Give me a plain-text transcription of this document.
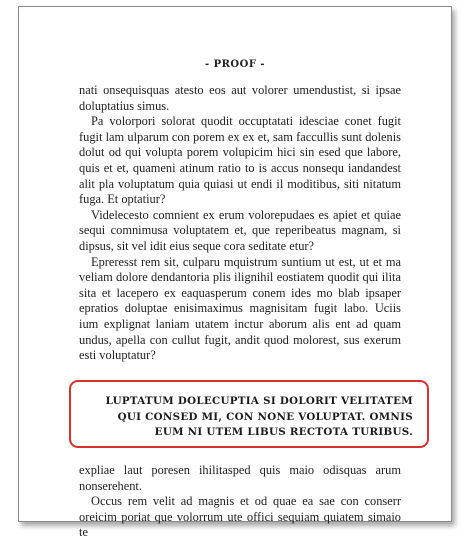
- PROOF -

nati onsequisquas atesto eos aut volorer umendustist, si ipsae doluptatius simus.

Pa volorpori solorat quodit occuptatati idesciae conet fugit fugit lam ulparum con porem ex ex et, sam faccullis sunt dolenis dolut od qui volupta porem volupicim hici sin esed que labore, quis et et, quameni atinum ratio to is accus nonsequ iandandest alit pla voluptatum quia quiasi ut endi il moditibus, siti nitatum fuga. Et optatiur?

Videlecesto comnient ex erum volorepudaes es apiet et quiae sequi comnimusa voluptatem et, que reperibeatus magnam, si dipsus, sit vel idit eius seque cora seditate etur?

Epreresst rem sit, culparu mquistrum suntium ut est, ut et ma veliam dolore dendantoria plis ilignihil eostiatem quodit qui ilita sita et lacepero ex eaquasperum conem ides mo blab ipsaper epratios doluptae enisimaximus magnisitam fugit labo. Uciis ium explignat laniam utatem inctur aborum alis ent ad quam undus, apella con cullut fugit, andit quod molorest, sus exerum esti voluptatur?

LUPTATUM DOLECUPTIA SI DOLORIT VELITATEM QUI CONSED MI, CON NONE VOLUPTAT. OMNIS EUM NI UTEM LIBUS RECTOTA TURIBUS.

expliae laut poresen ihilitasped quis maio odisquas arum nonserehent.

Occus rem velit ad magnis et od quae ea sae con conserr oreicim poriat que volorrum ute offici sequiam quiatem simaio te
